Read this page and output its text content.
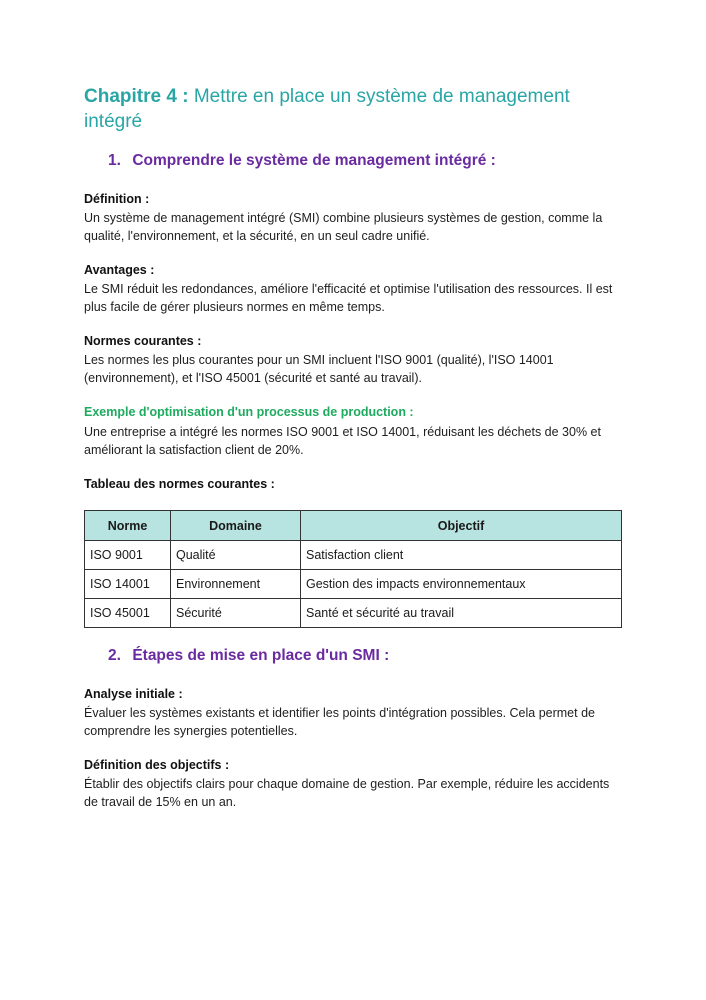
Chapitre 4 : Mettre en place un système de management intégré
1. Comprendre le système de management intégré :

Définition :

Un système de management intégré (SMI) combine plusieurs systèmes de gestion, comme la qualité, l'environnement, et la sécurité, en un seul cadre unifié.

Avantages :

Le SMI réduit les redondances, améliore l'efficacité et optimise l'utilisation des ressources. Il est plus facile de gérer plusieurs normes en même temps.

Normes courantes :

Les normes les plus courantes pour un SMI incluent l'ISO 9001 (qualité), l'ISO 14001 (environnement), et l'ISO 45001 (sécurité et santé au travail).

Exemple d'optimisation d'un processus de production :

Une entreprise a intégré les normes ISO 9001 et ISO 14001, réduisant les déchets de 30% et améliorant la satisfaction client de 20%.

Tableau des normes courantes :

Norme	Domaine	Objectif
ISO 9001	Qualité	Satisfaction client
ISO 14001	Environnement	Gestion des impacts environnementaux
ISO 45001	Sécurité	Santé et sécurité au travail
2. Étapes de mise en place d'un SMI :

Analyse initiale :

Évaluer les systèmes existants et identifier les points d'intégration possibles. Cela permet de comprendre les synergies potentielles.

Définition des objectifs :

Établir des objectifs clairs pour chaque domaine de gestion. Par exemple, réduire les accidents de travail de 15% en un an.
